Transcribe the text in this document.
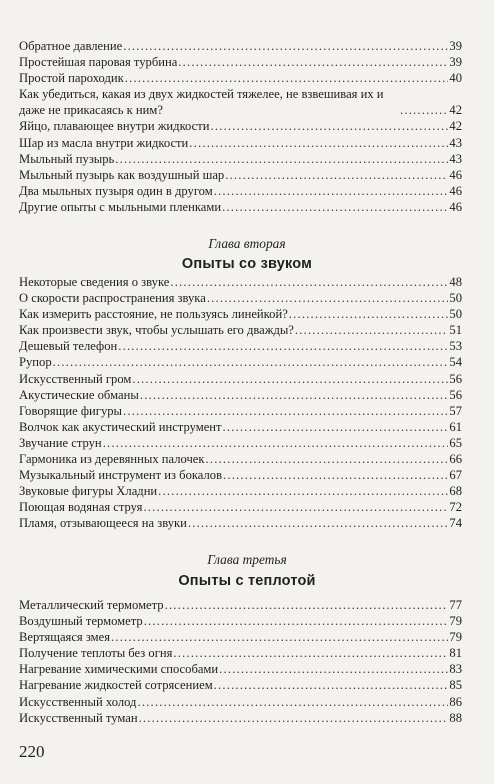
Обратное давление .....	39
Простейшая паровая турбина .....	39
Простой пароходик .....	40
Как убедиться, какая из двух жидкостей тяжелее, не взвешивая их и даже не прикасаясь к ним? .....	42
Яйцо, плавающее внутри жидкости .....	42
Шар из масла внутри жидкости .....	43
Мыльный пузырь .....	43
Мыльный пузырь как воздушный шар .....	46
Два мыльных пузыря один в другом .....	46
Другие опыты с мыльными пленками .....	46
Глава вторая
Опыты со звуком
Некоторые сведения о звуке .....	48
О скорости распространения звука .....	50
Как измерить расстояние, не пользуясь линейкой? .....	50
Как произвести звук, чтобы услышать его дважды? .....	51
Дешевый телефон .....	53
Рупор .....	54
Искусственный гром .....	56
Акустические обманы .....	56
Говорящие фигуры .....	57
Волчок как акустический инструмент .....	61
Звучание струн .....	65
Гармоника из деревянных палочек .....	66
Музыкальный инструмент из бокалов .....	67
Звуковые фигуры Хладни .....	68
Поющая водяная струя .....	72
Пламя, отзывающееся на звуки .....	74
Глава третья
Опыты с теплотой
Металлический термометр .....	77
Воздушный термометр .....	79
Вертящаяся змея .....	79
Получение теплоты без огня .....	81
Нагревание химическими способами .....	83
Нагревание жидкостей сотрясением .....	85
Искусственный холод .....	86
Искусственный туман .....	88
220
